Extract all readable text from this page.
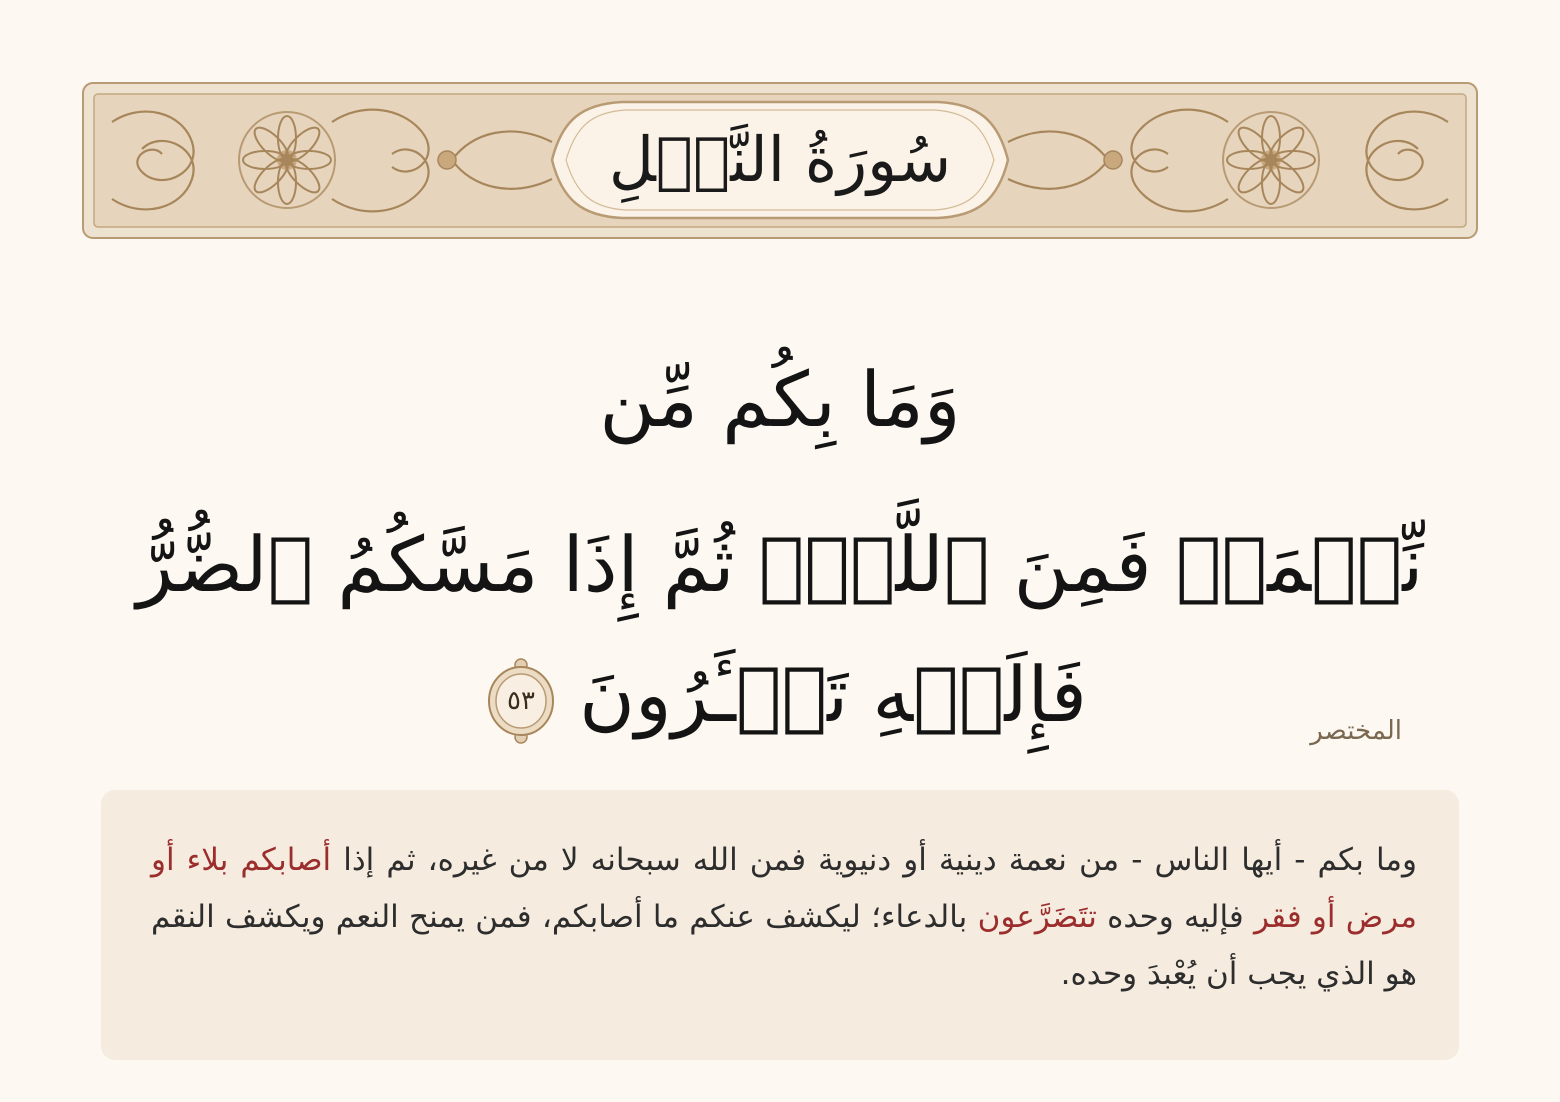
سُورَةُ النَّحۡلِ
وَمَا بِكُم مِّن
نِّعۡمَةٖ فَمِنَ ٱللَّهِۖ ثُمَّ إِذَا مَسَّكُمُ ٱلضُّرُّ فَإِلَيۡهِ تَجۡـَٔرُونَ
٥٣
المختصر
وما بكم - أيها الناس - من نعمة دينية أو دنيوية فمن الله سبحانه لا من غيره، ثم إذا أصابكم بلاء أو مرض أو فقر فإليه وحده تتَضَرَّعون بالدعاء؛ ليكشف عنكم ما أصابكم، فمن يمنح النعم ويكشف النقم هو الذي يجب أن يُعْبدَ وحده.
